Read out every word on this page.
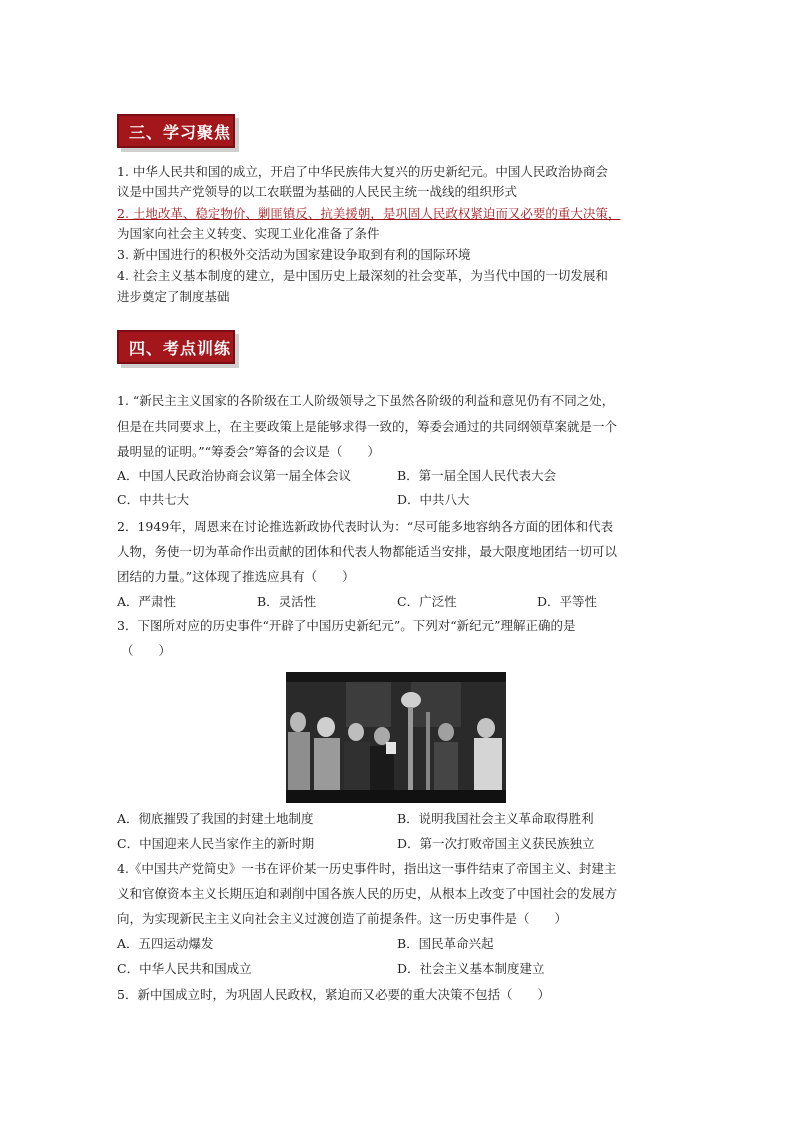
三、学习聚焦
1. 中华人民共和国的成立，开启了中华民族伟大复兴的历史新纪元。中国人民政治协商会
议是中国共产党领导的以工农联盟为基础的人民民主统一战线的组织形式
2. 土地改革、稳定物价、剿匪镇反、抗美援朝，是巩固人民政权紧迫而又必要的重大决策，
为国家向社会主义转变、实现工业化准备了条件
3. 新中国进行的积极外交活动为国家建设争取到有利的国际环境
4. 社会主义基本制度的建立，是中国历史上最深刻的社会变革，为当代中国的一切发展和
进步奠定了制度基础
四、考点训练
1. “新民主主义国家的各阶级在工人阶级领导之下虽然各阶级的利益和意见仍有不同之处，
但是在共同要求上，在主要政策上是能够求得一致的，筹委会通过的共同纲领草案就是一个
最明显的证明。”“筹委会”筹备的会议是（　　）
A．中国人民政治协商会议第一届全体会议	B．第一届全国人民代表大会
C．中共七大	D．中共八大
2．1949年，周恩来在讨论推选新政协代表时认为：“尽可能多地容纳各方面的团体和代表
人物，务使一切为革命作出贡献的团体和代表人物都能适当安排，最大限度地团结一切可以
团结的力量。”这体现了推选应具有（　　）
A．严肃性	B．灵活性	C．广泛性	D．平等性
3．下图所对应的历史事件“开辟了中国历史新纪元”。下列对“新纪元”理解正确的是
（　　）
A．彻底摧毁了我国的封建土地制度	B．说明我国社会主义革命取得胜利
C．中国迎来人民当家作主的新时期	D．第一次打败帝国主义获民族独立
4.《中国共产党简史》一书在评价某一历史事件时，指出这一事件结束了帝国主义、封建主
义和官僚资本主义长期压迫和剥削中国各族人民的历史，从根本上改变了中国社会的发展方
向，为实现新民主主义向社会主义过渡创造了前提条件。这一历史事件是（　　）
A．五四运动爆发	B．国民革命兴起
C．中华人民共和国成立	D．社会主义基本制度建立
5．新中国成立时，为巩固人民政权，紧迫而又必要的重大决策不包括（　　）
